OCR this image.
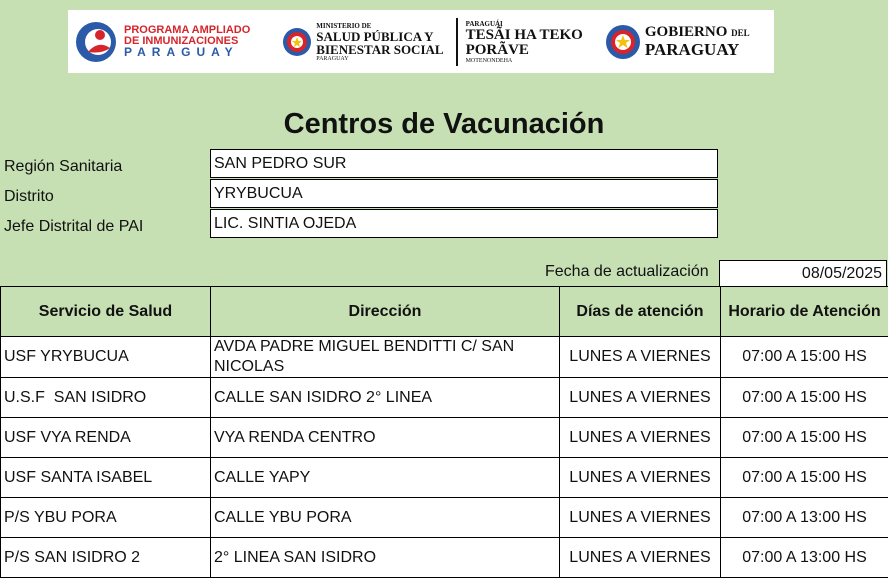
PROGRAMA AMPLIADO
DE INMUNIZACIONES
PARAGUAY
MINISTERIO DE
SALUD PÚBLICA Y
BIENESTAR SOCIAL
PARAGUAY
PARAGUÁI
TESÃI HA TEKO
PORÃVE
MOTENONDEHA
GOBIERNO DEL
PARAGUAY
Centros de Vacunación
Región Sanitaria	SAN PEDRO SUR
Distrito	YRYBUCUA
Jefe Distrital de PAI	LIC. SINTIA OJEDA
Fecha de actualización	08/05/2025
Servicio de Salud	Dirección	Días de atención	Horario de Atención
USF YRYBUCUA	AVDA PADRE MIGUEL BENDITTI C/ SAN NICOLAS	LUNES A VIERNES	07:00 A 15:00 HS
U.S.F  SAN ISIDRO	CALLE SAN ISIDRO 2° LINEA	LUNES A VIERNES	07:00 A 15:00 HS
USF VYA RENDA	VYA RENDA CENTRO	LUNES A VIERNES	07:00 A 15:00 HS
USF SANTA ISABEL	CALLE YAPY	LUNES A VIERNES	07:00 A 15:00 HS
P/S YBU PORA	CALLE YBU PORA	LUNES A VIERNES	07:00 A 13:00 HS
P/S SAN ISIDRO 2	2° LINEA SAN ISIDRO	LUNES A VIERNES	07:00 A 13:00 HS
